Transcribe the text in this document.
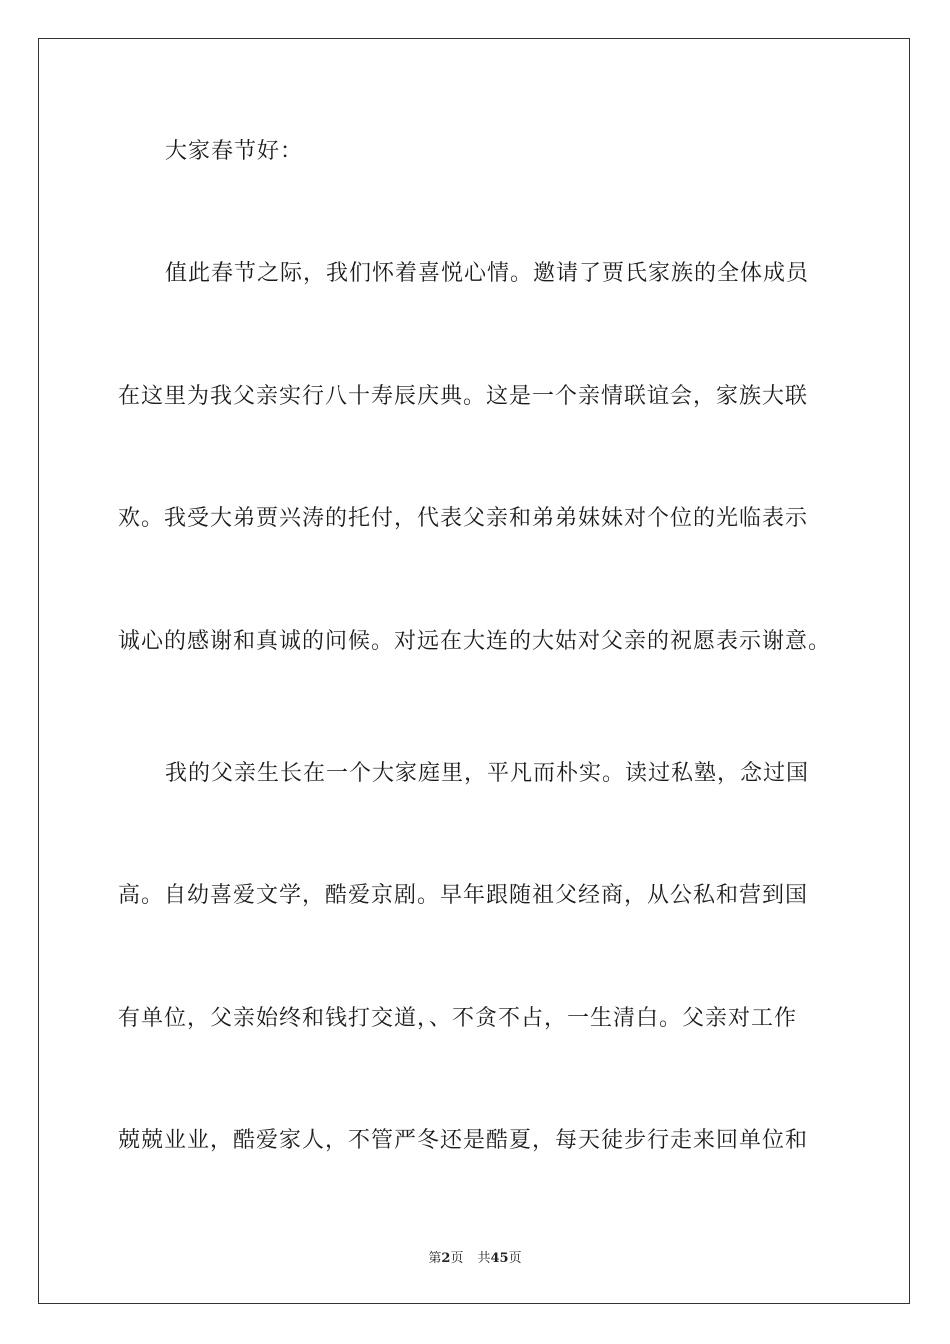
大家春节好：
值此春节之际，我们怀着喜悦心情。邀请了贾氏家族的全体成员
在这里为我父亲实行八十寿辰庆典。这是一个亲情联谊会，家族大联
欢。我受大弟贾兴涛的托付，代表父亲和弟弟妹妹对个位的光临表示
诚心的感谢和真诚的问候。对远在大连的大姑对父亲的祝愿表示谢意。
我的父亲生长在一个大家庭里，平凡而朴实。读过私塾，念过国
高。自幼喜爱文学，酷爱京剧。早年跟随祖父经商，从公私和营到国
有单位，父亲始终和钱打交道，、不贪不占，一生清白。父亲对工作
兢兢业业，酷爱家人，不管严冬还是酷夏，每天徒步行走来回单位和
第2页 共45页
